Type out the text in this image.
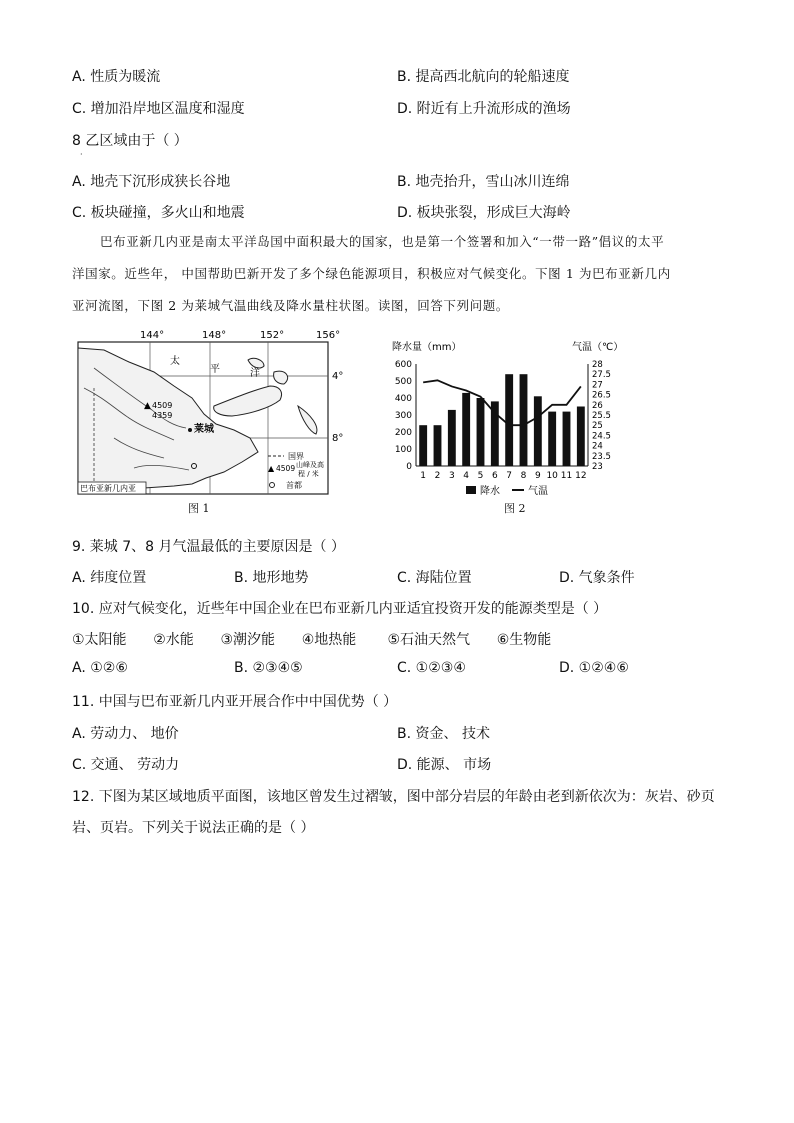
A. 性质为暖流	B. 提高西北航向的轮船速度
C. 增加沿岸地区温度和湿度	D. 附近有上升流形成的渔场
8 乙区域由于（ ）
·
A. 地壳下沉形成狭长谷地	B. 地壳抬升，雪山冰川连绵
C. 板块碰撞，多火山和地震	D. 板块张裂，形成巨大海岭
巴布亚新几内亚是南太平洋岛国中面积最大的国家，也是第一个签署和加入“一带一路”倡议的太平
洋国家。近些年， 中国帮助巴新开发了多个绿色能源项目，积极应对气候变化。下图 1 为巴布亚新几内
亚河流图，下图 2 为莱城气温曲线及降水量柱状图。读图，回答下列问题。
144°	148°	152°	156°
4°
8°
太
平	洋
▲ 4509
4359
莱城
国界
▲ 4509 山峰及高
程 / 米
首都
巴布亚新几内亚
图 1
降水量（mm）	气温（℃）
0
100
200
300
400
500
600
23
23.5
24
24.5
25
25.5
26
26.5
27
27.5
28
1 2 3 4 5 6 7 8 9 10 11 12
降水	气温
图 2
9. 莱城 7、8 月气温最低的主要原因是（ ）
A. 纬度位置	B. 地形地势	C. 海陆位置	D. 气象条件
10. 应对气候变化，近些年中国企业在巴布亚新几内亚适宜投资开发的能源类型是（ ）
①太阳能      ②水能      ③潮汐能      ④地热能       ⑤石油天然气      ⑥生物能
A. ①②⑥	B. ②③④⑤	C. ①②③④	D. ①②④⑥
11. 中国与巴布亚新几内亚开展合作中中国优势（ ）
A. 劳动力、 地价	B. 资金、 技术
C. 交通、 劳动力	D. 能源、 市场
12. 下图为某区域地质平面图，该地区曾发生过褶皱，图中部分岩层的年龄由老到新依次为：灰岩、砂页
岩、页岩。下列关于说法正确的是（ ）
